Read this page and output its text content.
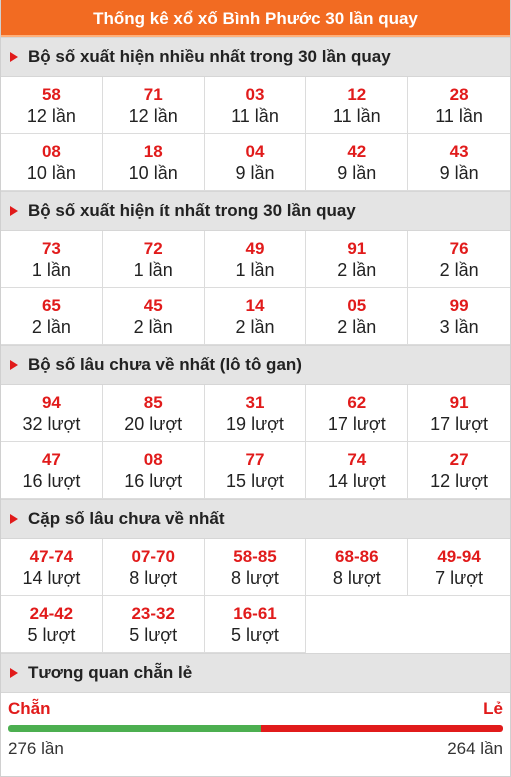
Thống kê xổ xố Bình Phước 30 lần quay
Bộ số xuất hiện nhiều nhất trong 30 lần quay
58
12 lần
71
12 lần
03
11 lần
12
11 lần
28
11 lần
08
10 lần
18
10 lần
04
9 lần
42
9 lần
43
9 lần
Bộ số xuất hiện ít nhất trong 30 lần quay
73
1 lần
72
1 lần
49
1 lần
91
2 lần
76
2 lần
65
2 lần
45
2 lần
14
2 lần
05
2 lần
99
3 lần
Bộ số lâu chưa về nhất (lô tô gan)
94
32 lượt
85
20 lượt
31
19 lượt
62
17 lượt
91
17 lượt
47
16 lượt
08
16 lượt
77
15 lượt
74
14 lượt
27
12 lượt
Cặp số lâu chưa về nhất
47-74
14 lượt
07-70
8 lượt
58-85
8 lượt
68-86
8 lượt
49-94
7 lượt
24-42
5 lượt
23-32
5 lượt
16-61
5 lượt
Tương quan chẵn lẻ
Chẵn	Lẻ
276 lần	264 lần
